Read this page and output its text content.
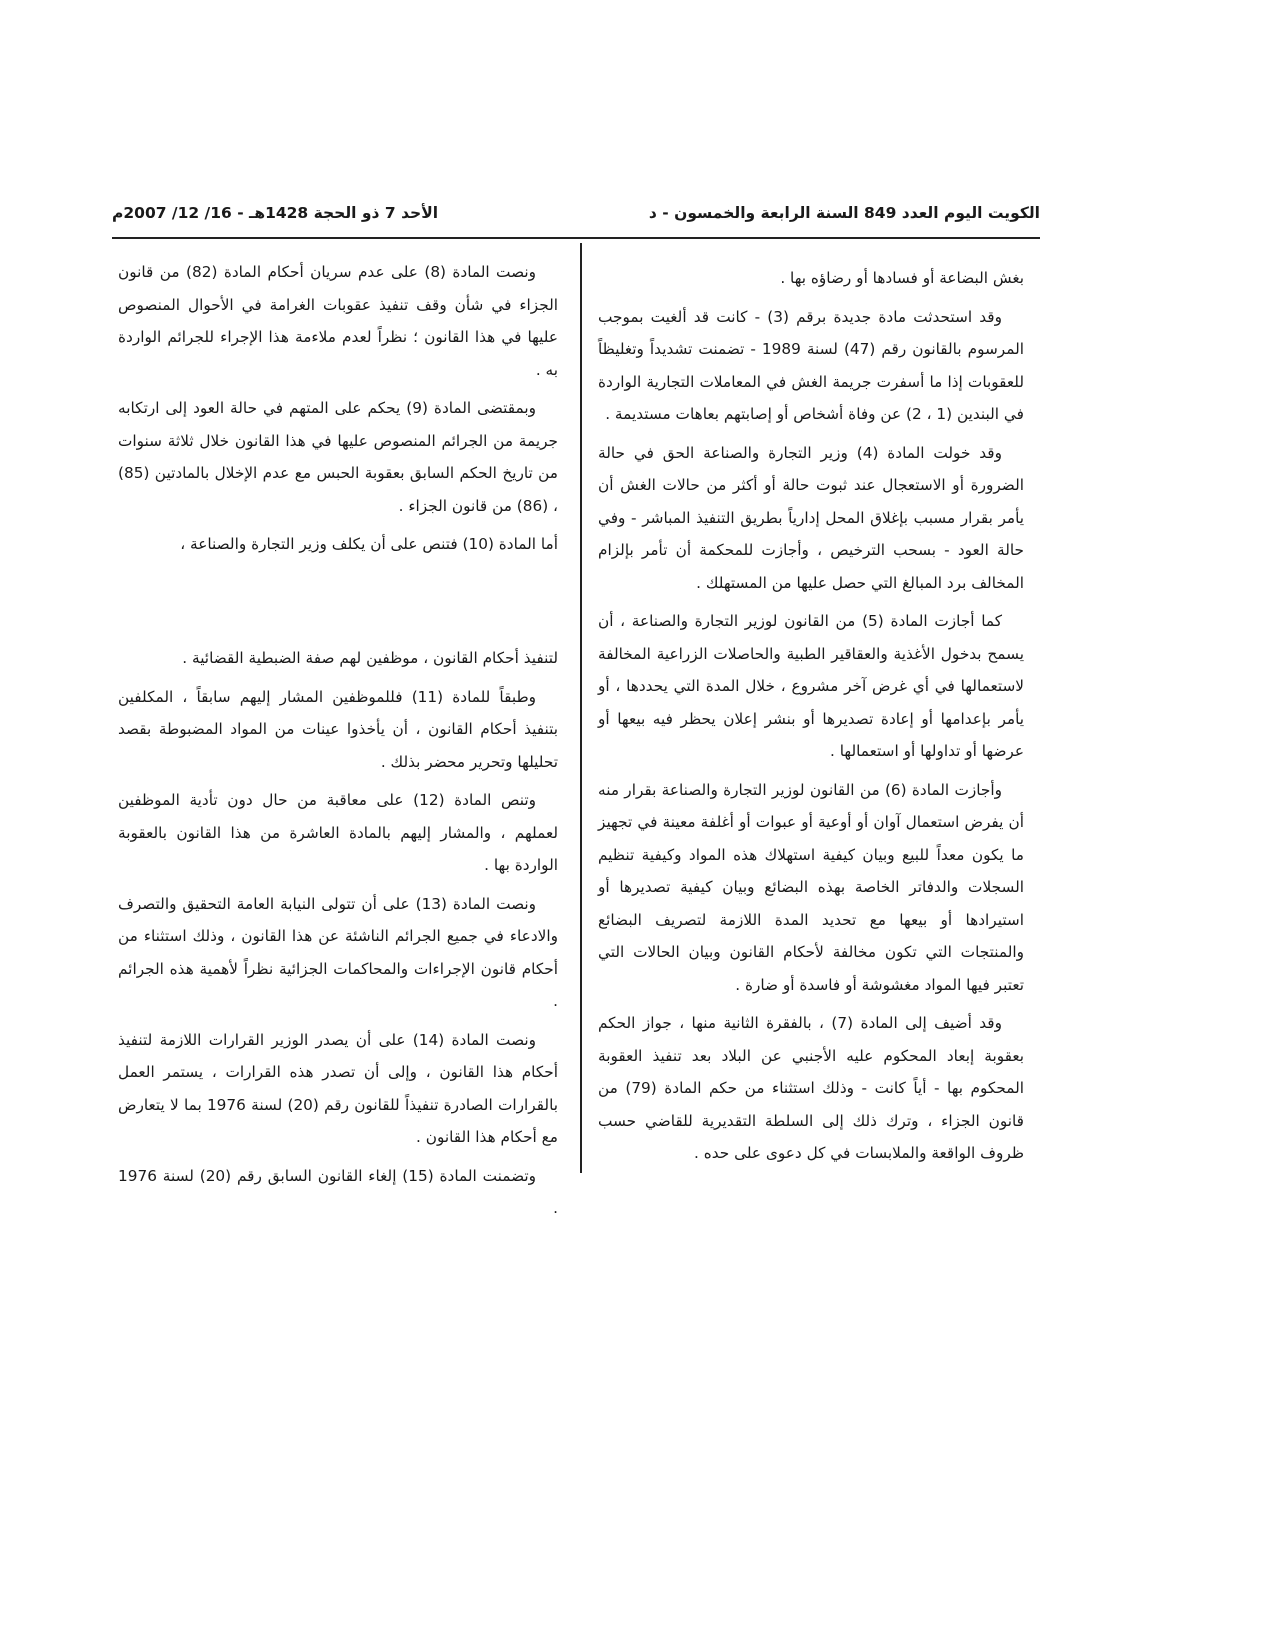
الكويت اليوم العدد 849 السنة الرابعة والخمسون - د
الأحد 7 ذو الحجة 1428هـ - 16/ 12/ 2007م

بغش البضاعة أو فسادها أو رضاؤه بها .

وقد استحدثت مادة جديدة برقم (3) - كانت قد ألغيت بموجب المرسوم بالقانون رقم (47) لسنة 1989 - تضمنت تشديداً وتغليظاً للعقوبات إذا ما أسفرت جريمة الغش في المعاملات التجارية الواردة في البندين (1 ، 2) عن وفاة أشخاص أو إصابتهم بعاهات مستديمة .

وقد خولت المادة (4) وزير التجارة والصناعة الحق في حالة الضرورة أو الاستعجال عند ثبوت حالة أو أكثر من حالات الغش أن يأمر بقرار مسبب بإغلاق المحل إدارياً بطريق التنفيذ المباشر - وفي حالة العود - بسحب الترخيص ، وأجازت للمحكمة أن تأمر بإلزام المخالف برد المبالغ التي حصل عليها من المستهلك .

كما أجازت المادة (5) من القانون لوزير التجارة والصناعة ، أن يسمح بدخول الأغذية والعقاقير الطبية والحاصلات الزراعية المخالفة لاستعمالها في أي غرض آخر مشروع ، خلال المدة التي يحددها ، أو يأمر بإعدامها أو إعادة تصديرها أو بنشر إعلان يحظر فيه بيعها أو عرضها أو تداولها أو استعمالها .

وأجازت المادة (6) من القانون لوزير التجارة والصناعة بقرار منه أن يفرض استعمال آوان أو أوعية أو عبوات أو أغلفة معينة في تجهيز ما يكون معداً للبيع وبيان كيفية استهلاك هذه المواد وكيفية تنظيم السجلات والدفاتر الخاصة بهذه البضائع وبيان كيفية تصديرها أو استيرادها أو بيعها مع تحديد المدة اللازمة لتصريف البضائع والمنتجات التي تكون مخالفة لأحكام القانون وبيان الحالات التي تعتبر فيها المواد مغشوشة أو فاسدة أو ضارة .

وقد أضيف إلى المادة (7) ، بالفقرة الثانية منها ، جواز الحكم بعقوبة إبعاد المحكوم عليه الأجنبي عن البلاد بعد تنفيذ العقوبة المحكوم بها - أياً كانت - وذلك استثناء من حكم المادة (79) من قانون الجزاء ، وترك ذلك إلى السلطة التقديرية للقاضي حسب ظروف الواقعة والملابسات في كل دعوى على حده .

ونصت المادة (8) على عدم سريان أحكام المادة (82) من قانون الجزاء في شأن وقف تنفيذ عقوبات الغرامة في الأحوال المنصوص عليها في هذا القانون ؛ نظراً لعدم ملاءمة هذا الإجراء للجرائم الواردة به .

وبمقتضى المادة (9) يحكم على المتهم في حالة العود إلى ارتكابه جريمة من الجرائم المنصوص عليها في هذا القانون خلال ثلاثة سنوات من تاريخ الحكم السابق بعقوبة الحبس مع عدم الإخلال بالمادتين (85) ، (86) من قانون الجزاء .

أما المادة (10) فتنص على أن يكلف وزير التجارة والصناعة ،

لتنفيذ أحكام القانون ، موظفين لهم صفة الضبطية القضائية .

وطبقاً للمادة (11) فللموظفين المشار إليهم سابقاً ، المكلفين بتنفيذ أحكام القانون ، أن يأخذوا عينات من المواد المضبوطة بقصد تحليلها وتحرير محضر بذلك .

وتنص المادة (12) على معاقبة من حال دون تأدية الموظفين لعملهم ، والمشار إليهم بالمادة العاشرة من هذا القانون بالعقوبة الواردة بها .

ونصت المادة (13) على أن تتولى النيابة العامة التحقيق والتصرف والادعاء في جميع الجرائم الناشئة عن هذا القانون ، وذلك استثناء من أحكام قانون الإجراءات والمحاكمات الجزائية نظراً لأهمية هذه الجرائم .

ونصت المادة (14) على أن يصدر الوزير القرارات اللازمة لتنفيذ أحكام هذا القانون ، وإلى أن تصدر هذه القرارات ، يستمر العمل بالقرارات الصادرة تنفيذاً للقانون رقم (20) لسنة 1976 بما لا يتعارض مع أحكام هذا القانون .

وتضمنت المادة (15) إلغاء القانون السابق رقم (20) لسنة 1976 .
